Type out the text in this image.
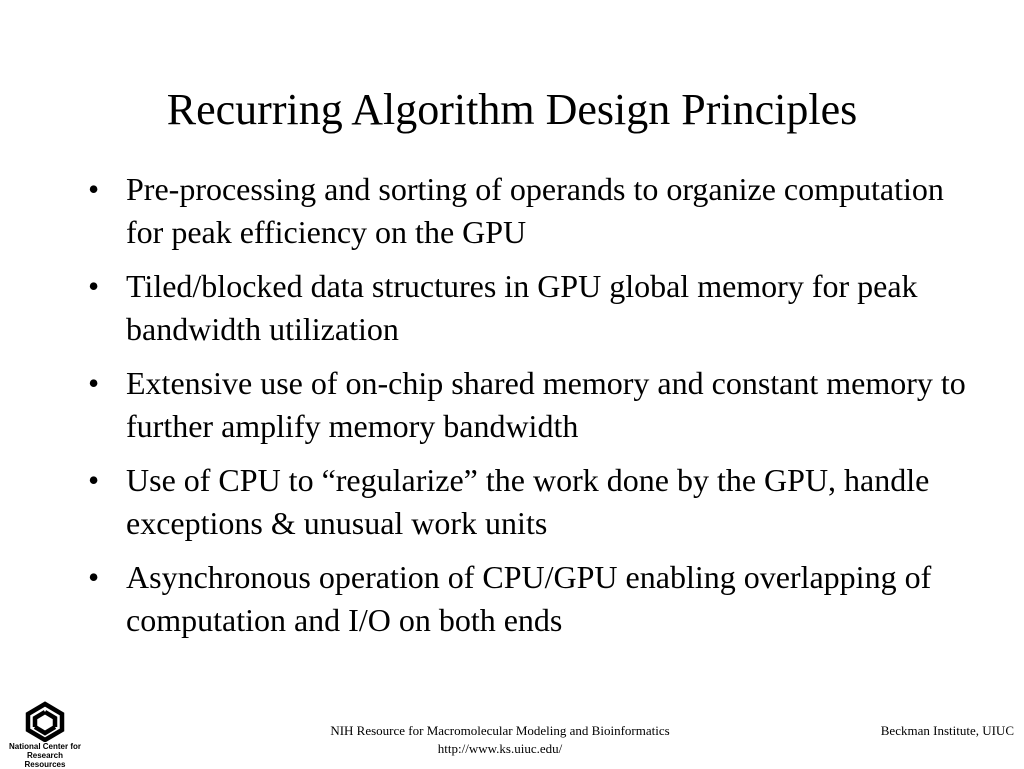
Recurring Algorithm Design Principles
• Pre-processing and sorting of operands to organize computation for peak efficiency on the GPU
• Tiled/blocked data structures in GPU global memory for peak bandwidth utilization
• Extensive use of on-chip shared memory and constant memory to further amplify memory bandwidth
• Use of CPU to “regularize” the work done by the GPU, handle exceptions & unusual work units
• Asynchronous operation of CPU/GPU enabling overlapping of computation and I/O on both ends
National Center for
Research Resources
NIH Resource for Macromolecular Modeling and Bioinformatics
http://www.ks.uiuc.edu/
Beckman Institute, UIUC
